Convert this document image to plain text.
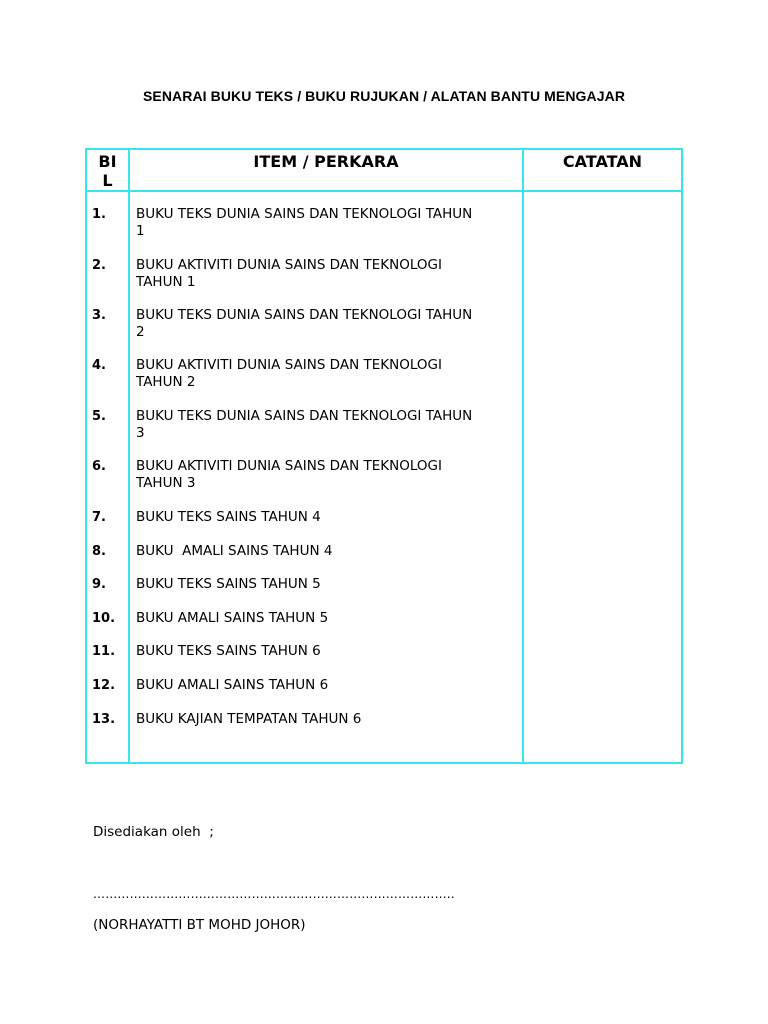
SENARAI BUKU TEKS / BUKU RUJUKAN / ALATAN BANTU MENGAJAR
BI
L
ITEM / PERKARA	CATATAN
1.	BUKU TEKS DUNIA SAINS DAN TEKNOLOGI TAHUN
1
2.	BUKU AKTIVITI DUNIA SAINS DAN TEKNOLOGI
TAHUN 1
3.	BUKU TEKS DUNIA SAINS DAN TEKNOLOGI TAHUN
2
4.	BUKU AKTIVITI DUNIA SAINS DAN TEKNOLOGI
TAHUN 2
5.	BUKU TEKS DUNIA SAINS DAN TEKNOLOGI TAHUN
3
6.	BUKU AKTIVITI DUNIA SAINS DAN TEKNOLOGI
TAHUN 3
7.	BUKU TEKS SAINS TAHUN 4
8.	BUKU  AMALI SAINS TAHUN 4
9.	BUKU TEKS SAINS TAHUN 5
10.	BUKU AMALI SAINS TAHUN 5
11.	BUKU TEKS SAINS TAHUN 6
12.	BUKU AMALI SAINS TAHUN 6
13.	BUKU KAJIAN TEMPATAN TAHUN 6
Disediakan oleh  ;
……………………………………………………………………………..
(NORHAYATTI BT MOHD JOHOR)
